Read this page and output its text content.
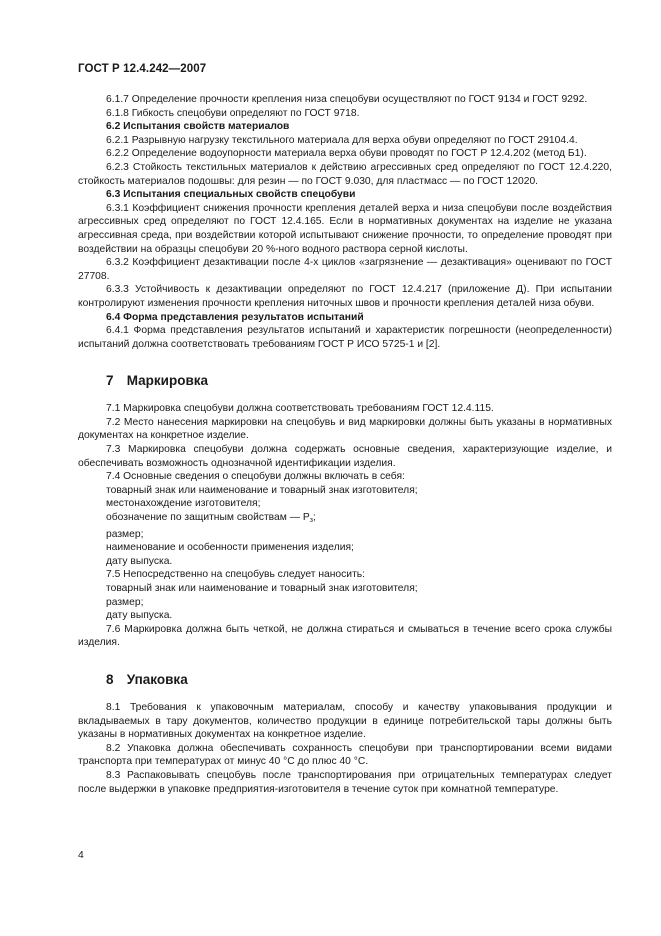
ГОСТ Р 12.4.242—2007

6.1.7 Определение прочности крепления низа спецобуви осуществляют по ГОСТ 9134 и ГОСТ 9292.

6.1.8 Гибкость спецобуви определяют по ГОСТ 9718.

6.2 Испытания свойств материалов

6.2.1 Разрывную нагрузку текстильного материала для верха обуви определяют по ГОСТ 29104.4.

6.2.2 Определение водоупорности материала верха обуви проводят по ГОСТ Р 12.4.202 (метод Б1).

6.2.3 Стойкость текстильных материалов к действию агрессивных сред определяют по ГОСТ 12.4.220, стойкость материалов подошвы: для резин — по ГОСТ 9.030, для пластмасс — по ГОСТ 12020.

6.3 Испытания специальных свойств спецобуви

6.3.1 Коэффициент снижения прочности крепления деталей верха и низа спецобуви после воздействия агрессивных сред определяют по ГОСТ 12.4.165. Если в нормативных документах на изделие не указана агрессивная среда, при воздействии которой испытывают снижение прочности, то определение проводят при воздействии на образцы спецобуви 20 %-ного водного раствора серной кислоты.

6.3.2 Коэффициент дезактивации после 4-х циклов «загрязнение — дезактивация» оценивают по ГОСТ 27708.

6.3.3 Устойчивость к дезактивации определяют по ГОСТ 12.4.217 (приложение Д). При испытании контролируют изменения прочности крепления ниточных швов и прочности крепления деталей низа обуви.

6.4 Форма представления результатов испытаний

6.4.1 Форма представления результатов испытаний и характеристик погрешности (неопределенности) испытаний должна соответствовать требованиям ГОСТ Р ИСО 5725-1 и [2].

7 Маркировка

7.1 Маркировка спецобуви должна соответствовать требованиям ГОСТ 12.4.115.

7.2 Место нанесения маркировки на спецобувь и вид маркировки должны быть указаны в нормативных документах на конкретное изделие.

7.3 Маркировка спецобуви должна содержать основные сведения, характеризующие изделие, и обеспечивать возможность однозначной идентификации изделия.

7.4 Основные сведения о спецобуви должны включать в себя:

товарный знак или наименование и товарный знак изготовителя;

местонахождение изготовителя;

обозначение по защитным свойствам — $Р_з$;

размер;

наименование и особенности применения изделия;

дату выпуска.

7.5 Непосредственно на спецобувь следует наносить:

товарный знак или наименование и товарный знак изготовителя;

размер;

дату выпуска.

7.6 Маркировка должна быть четкой, не должна стираться и смываться в течение всего срока службы изделия.

8 Упаковка

8.1 Требования к упаковочным материалам, способу и качеству упаковывания продукции и вкладываемых в тару документов, количество продукции в единице потребительской тары должны быть указаны в нормативных документах на конкретное изделие.

8.2 Упаковка должна обеспечивать сохранность спецобуви при транспортировании всеми видами транспорта при температурах от минус 40 °С до плюс 40 °С.

8.3 Распаковывать спецобувь после транспортирования при отрицательных температурах следует после выдержки в упаковке предприятия-изготовителя в течение суток при комнатной температуре.

4
